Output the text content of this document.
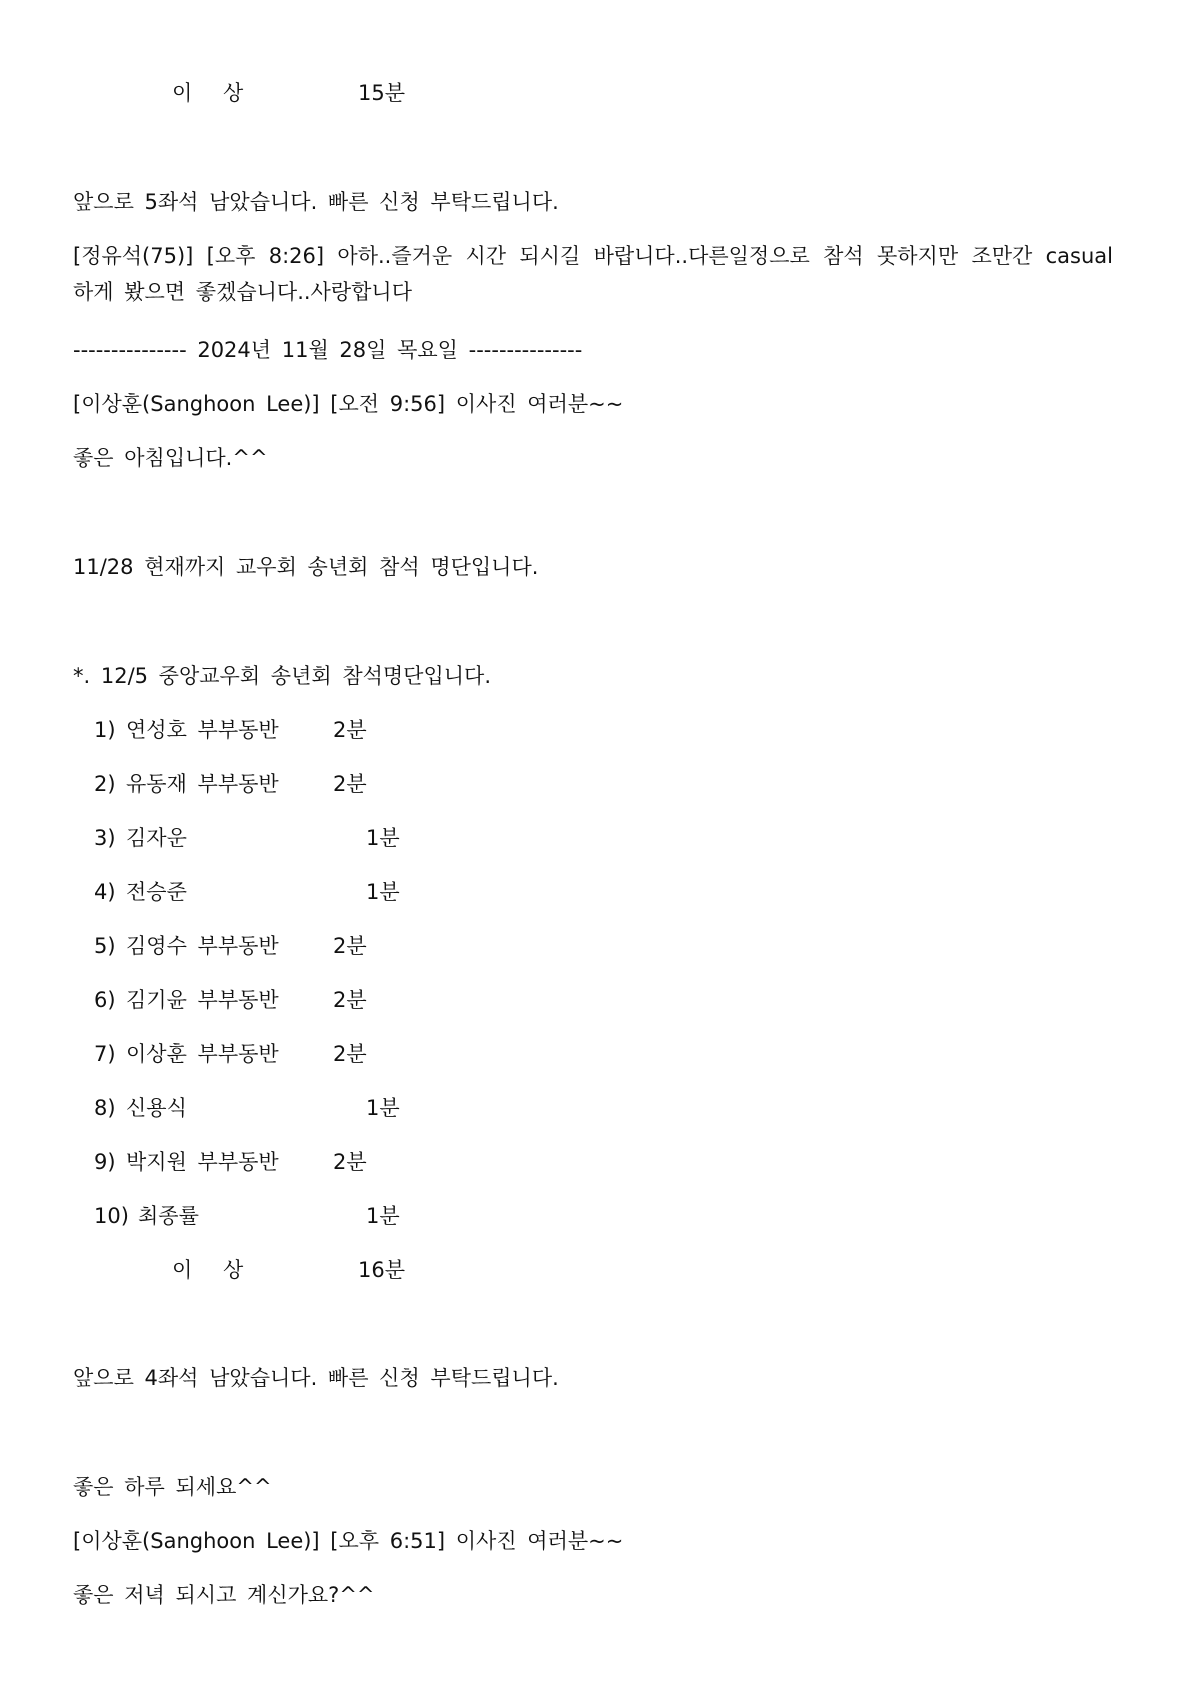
이 상	15분
앞으로 5좌석 남았습니다. 빠른 신청 부탁드립니다.
[정유석(75)] [오후 8:26] 아하..즐거운 시간 되시길 바랍니다..다른일정으로 참석 못하지만 조만간 casual 하게 봤으면 좋겠습니다..사랑합니다
--------------- 2024년 11월 28일 목요일 ---------------
[이상훈(Sanghoon Lee)] [오전 9:56] 이사진 여러분~~
좋은 아침입니다.^^
11/28 현재까지 교우회 송년회 참석 명단입니다.
*. 12/5 중앙교우회 송년회 참석명단입니다.
1) 연성호 부부동반	2분
2) 유동재 부부동반	2분
3) 김자운	1분
4) 전승준	1분
5) 김영수 부부동반	2분
6) 김기윤 부부동반	2분
7) 이상훈 부부동반	2분
8) 신용식	1분
9) 박지원 부부동반	2분
10) 최종률	1분
이 상	16분
앞으로 4좌석 남았습니다. 빠른 신청 부탁드립니다.
좋은 하루 되세요^^
[이상훈(Sanghoon Lee)] [오후 6:51] 이사진 여러분~~
좋은 저녁 되시고 계신가요?^^
